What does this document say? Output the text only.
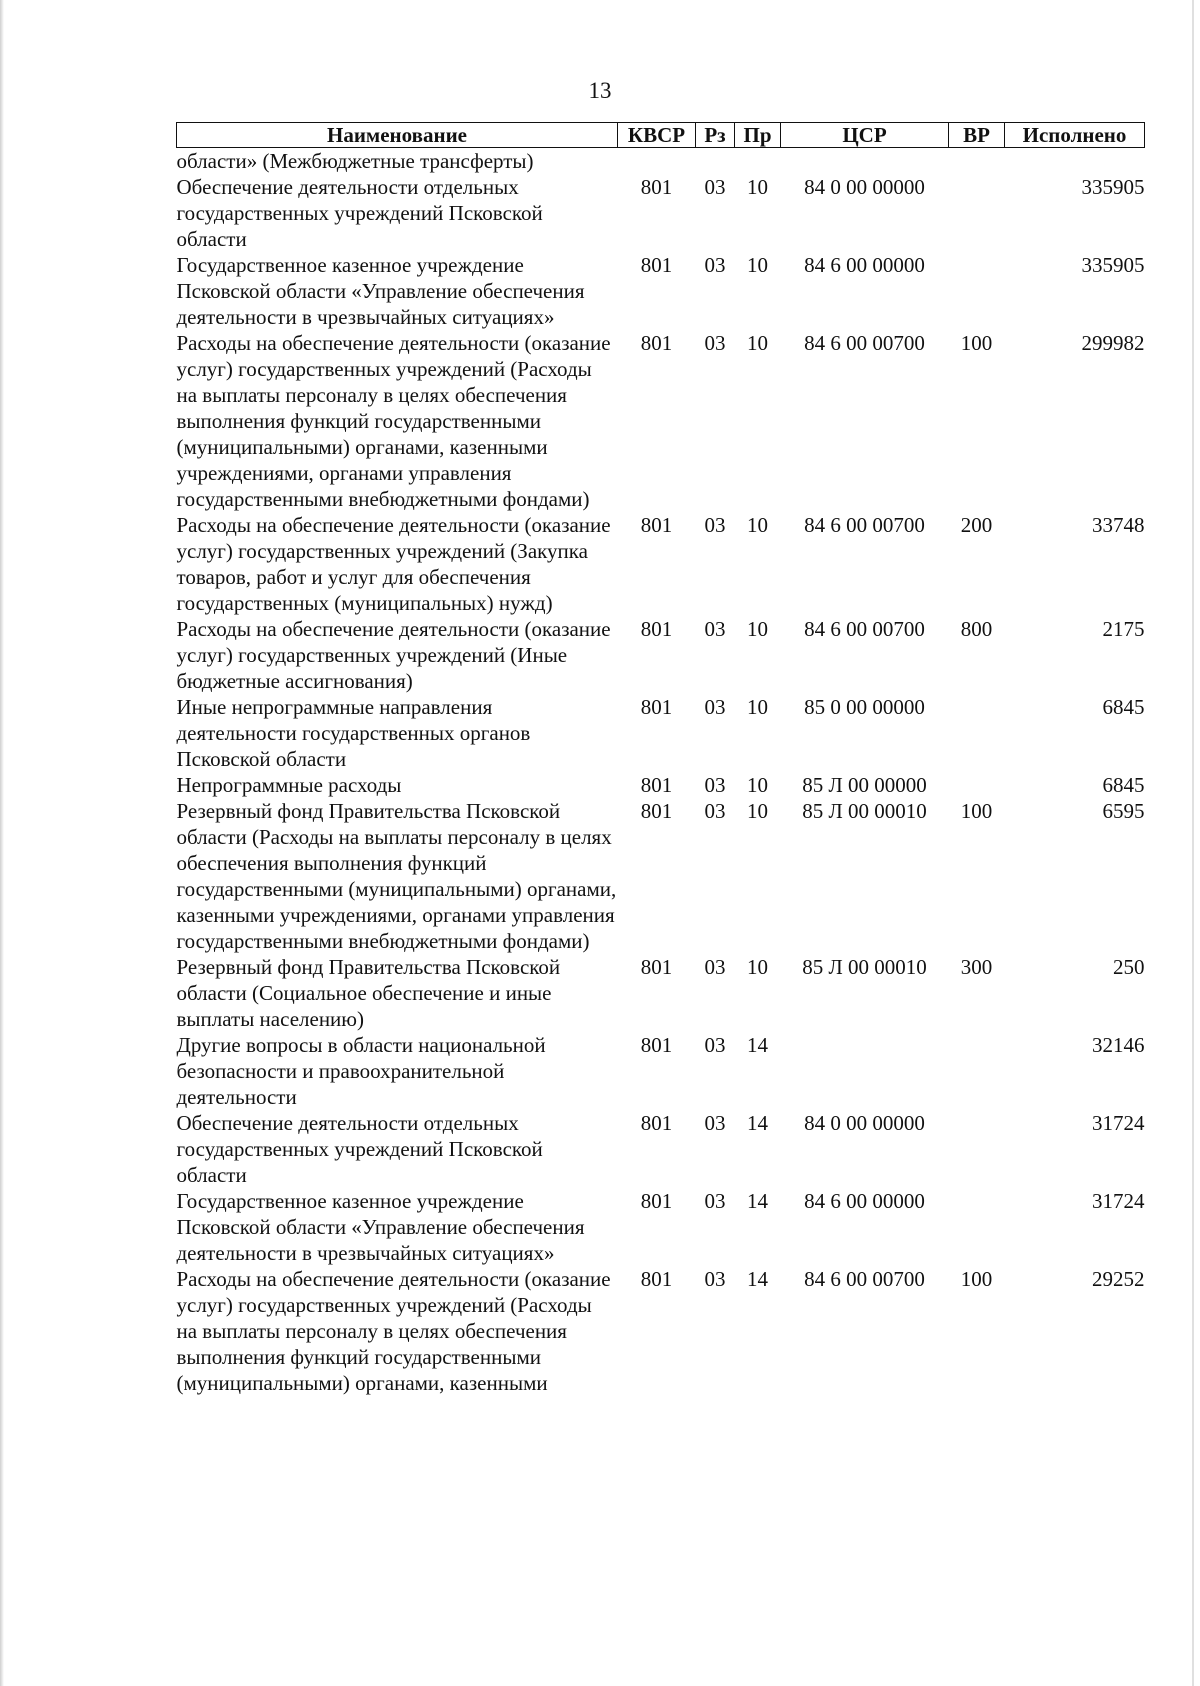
13
Наименование	КВСР	Рз	Пр	ЦСР	ВР	Исполнено
области» (Межбюджетные трансферты)						
Обеспечение деятельности отдельных государственных учреждений Псковской области	801	03	10	84 0 00 00000		335905
Государственное казенное учреждение Псковской области «Управление обеспечения деятельности в чрезвычайных ситуациях»	801	03	10	84 6 00 00000		335905
Расходы на обеспечение деятельности (оказание услуг) государственных учреждений (Расходы на выплаты персоналу в целях обеспечения выполнения функций государственными (муниципальными) органами, казенными учреждениями, органами управления государственными внебюджетными фондами)	801	03	10	84 6 00 00700	100	299982
Расходы на обеспечение деятельности (оказание услуг) государственных учреждений (Закупка товаров, работ и услуг для обеспечения государственных (муниципальных) нужд)	801	03	10	84 6 00 00700	200	33748
Расходы на обеспечение деятельности (оказание услуг) государственных учреждений (Иные бюджетные ассигнования)	801	03	10	84 6 00 00700	800	2175
Иные непрограммные направления деятельности государственных органов Псковской области	801	03	10	85 0 00 00000		6845
Непрограммные расходы	801	03	10	85 Л 00 00000		6845
Резервный фонд Правительства Псковской области (Расходы на выплаты персоналу в целях обеспечения выполнения функций государственными (муниципальными) органами, казенными учреждениями, органами управления государственными внебюджетными фондами)	801	03	10	85 Л 00 00010	100	6595
Резервный фонд Правительства Псковской области (Социальное обеспечение и иные выплаты населению)	801	03	10	85 Л 00 00010	300	250
Другие вопросы в области национальной безопасности и правоохранительной деятельности	801	03	14			32146
Обеспечение деятельности отдельных государственных учреждений Псковской области	801	03	14	84 0 00 00000		31724
Государственное казенное учреждение Псковской области «Управление обеспечения деятельности в чрезвычайных ситуациях»	801	03	14	84 6 00 00000		31724
Расходы на обеспечение деятельности (оказание услуг) государственных учреждений (Расходы на выплаты персоналу в целях обеспечения выполнения функций государственными (муниципальными) органами, казенными	801	03	14	84 6 00 00700	100	29252
